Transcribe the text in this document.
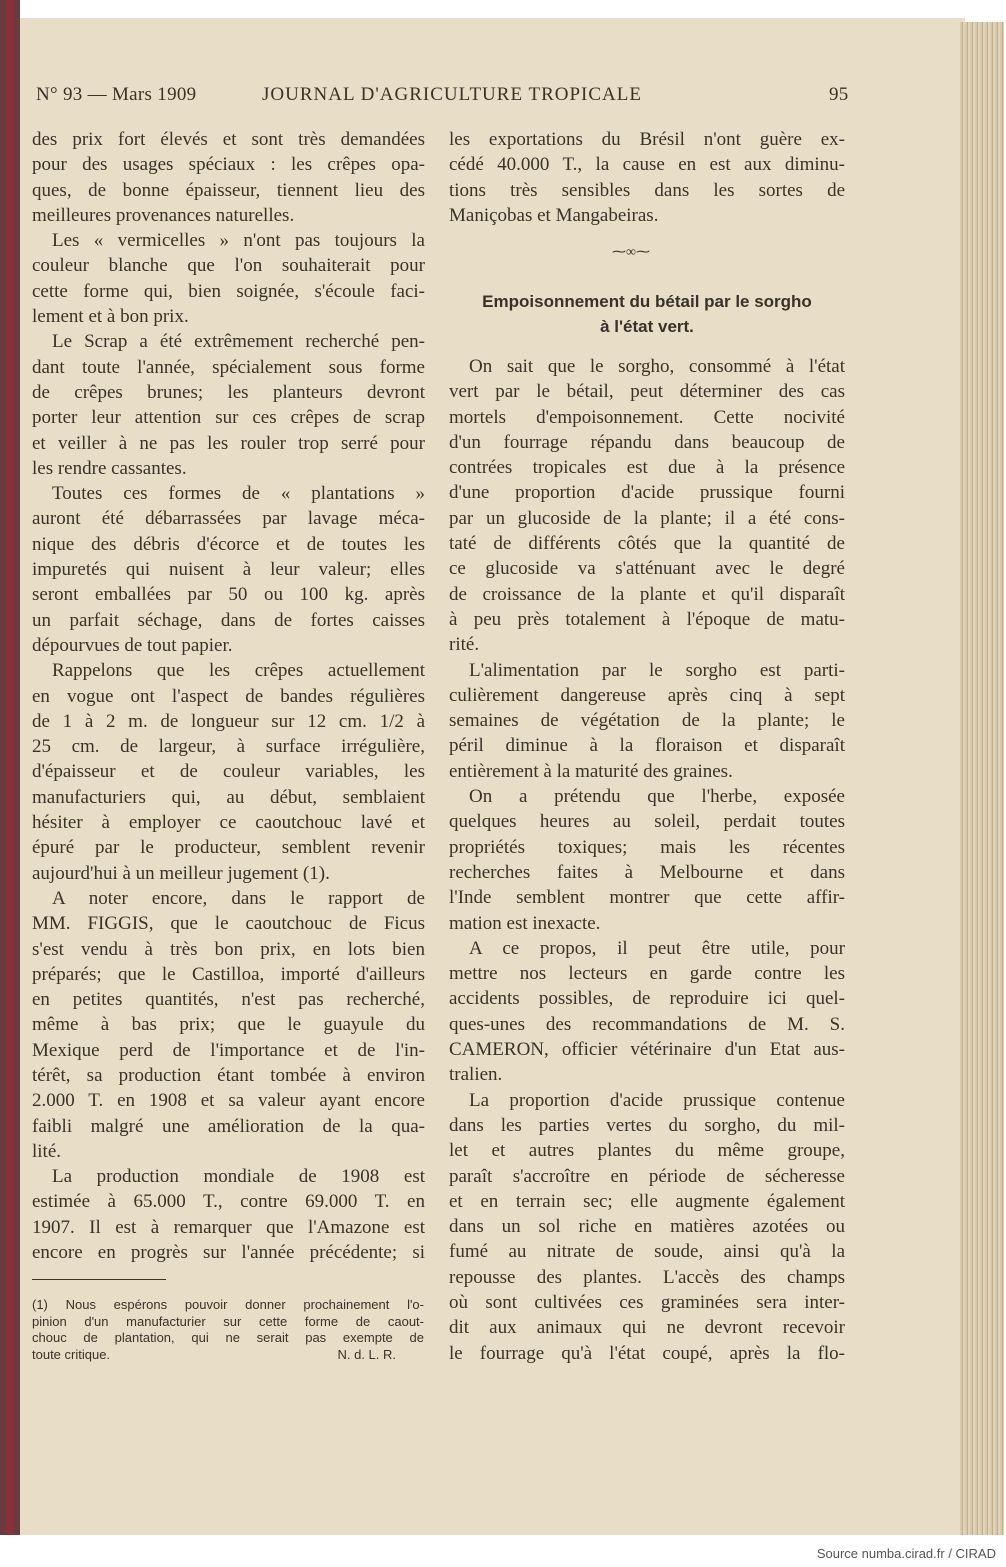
N° 93 — Mars 1909	JOURNAL D'AGRICULTURE TROPICALE	95
des prix fort élevés et sont très demandées
pour des usages spéciaux : les crêpes opa-
ques, de bonne épaisseur, tiennent lieu des
meilleures provenances naturelles.
Les « vermicelles » n'ont pas toujours la
couleur blanche que l'on souhaiterait pour
cette forme qui, bien soignée, s'écoule faci-
lement et à bon prix.
Le Scrap a été extrêmement recherché pen-
dant toute l'année, spécialement sous forme
de crêpes brunes; les planteurs devront
porter leur attention sur ces crêpes de scrap
et veiller à ne pas les rouler trop serré pour
les rendre cassantes.
Toutes ces formes de « plantations »
auront été débarrassées par lavage méca-
nique des débris d'écorce et de toutes les
impuretés qui nuisent à leur valeur; elles
seront emballées par 50 ou 100 kg. après
un parfait séchage, dans de fortes caisses
dépourvues de tout papier.
Rappelons que les crêpes actuellement
en vogue ont l'aspect de bandes régulières
de 1 à 2 m. de longueur sur 12 cm. 1/2 à
25 cm. de largeur, à surface irrégulière,
d'épaisseur et de couleur variables, les
manufacturiers qui, au début, semblaient
hésiter à employer ce caoutchouc lavé et
épuré par le producteur, semblent revenir
aujourd'hui à un meilleur jugement (1).
A noter encore, dans le rapport de
MM. FIGGIS, que le caoutchouc de Ficus
s'est vendu à très bon prix, en lots bien
préparés; que le Castilloa, importé d'ailleurs
en petites quantités, n'est pas recherché,
même à bas prix; que le guayule du
Mexique perd de l'importance et de l'in-
térêt, sa production étant tombée à environ
2.000 T. en 1908 et sa valeur ayant encore
faibli malgré une amélioration de la qua-
lité.
La production mondiale de 1908 est
estimée à 65.000 T., contre 69.000 T. en
1907. Il est à remarquer que l'Amazone est
encore en progrès sur l'année précédente; si
les exportations du Brésil n'ont guère ex-
cédé 40.000 T., la cause en est aux diminu-
tions très sensibles dans les sortes de
Maniçobas et Mangabeiras.
⁓∞⁓
Empoisonnement du bétail par le sorgho
à l'état vert.
On sait que le sorgho, consommé à l'état
vert par le bétail, peut déterminer des cas
mortels d'empoisonnement. Cette nocivité
d'un fourrage répandu dans beaucoup de
contrées tropicales est due à la présence
d'une proportion d'acide prussique fourni
par un glucoside de la plante; il a été cons-
taté de différents côtés que la quantité de
ce glucoside va s'atténuant avec le degré
de croissance de la plante et qu'il disparaît
à peu près totalement à l'époque de matu-
rité.
L'alimentation par le sorgho est parti-
culièrement dangereuse après cinq à sept
semaines de végétation de la plante; le
péril diminue à la floraison et disparaît
entièrement à la maturité des graines.
On a prétendu que l'herbe, exposée
quelques heures au soleil, perdait toutes
propriétés toxiques; mais les récentes
recherches faites à Melbourne et dans
l'Inde semblent montrer que cette affir-
mation est inexacte.
A ce propos, il peut être utile, pour
mettre nos lecteurs en garde contre les
accidents possibles, de reproduire ici quel-
ques-unes des recommandations de M. S.
CAMERON, officier vétérinaire d'un Etat aus-
tralien.
La proportion d'acide prussique contenue
dans les parties vertes du sorgho, du mil-
let et autres plantes du même groupe,
paraît s'accroître en période de sécheresse
et en terrain sec; elle augmente également
dans un sol riche en matières azotées ou
fumé au nitrate de soude, ainsi qu'à la
repousse des plantes. L'accès des champs
où sont cultivées ces graminées sera inter-
dit aux animaux qui ne devront recevoir
le fourrage qu'à l'état coupé, après la flo-
(1) Nous espérons pouvoir donner prochainement l'o-
pinion d'un manufacturier sur cette forme de caout-
chouc de plantation, qui ne serait pas exempte de
toute critique.	N. d. L. R.
Source numba.cirad.fr / CIRAD
